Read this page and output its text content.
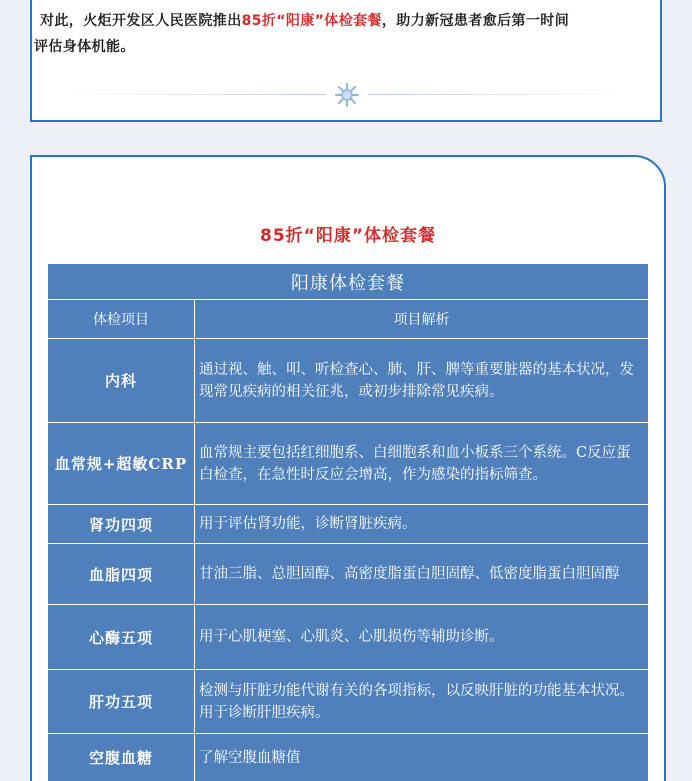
对此，火炬开发区人民医院推出85折“阳康”体检套餐，助力新冠患者愈后第一时间
评估身体机能。

85折“阳康”体检套餐
阳康体检套餐	
体检项目	项目解析
内科	通过视、触、叩、听检查心、肺、肝、脾等重要脏器的基本状况，发现常见疾病的相关征兆，或初步排除常见疾病。
血常规+超敏CRP	血常规主要包括红细胞系、白细胞系和血小板系三个系统。C反应蛋白检查，在急性时反应会增高，作为感染的指标筛查。
肾功四项	用于评估肾功能，诊断肾脏疾病。
血脂四项	甘油三脂、总胆固醇、高密度脂蛋白胆固醇、低密度脂蛋白胆固醇
心酶五项	用于心肌梗塞、心肌炎、心肌损伤等辅助诊断。
肝功五项	检测与肝脏功能代谢有关的各项指标，以反映肝脏的功能基本状况。用于诊断肝胆疾病。
空腹血糖	了解空腹血糖值
